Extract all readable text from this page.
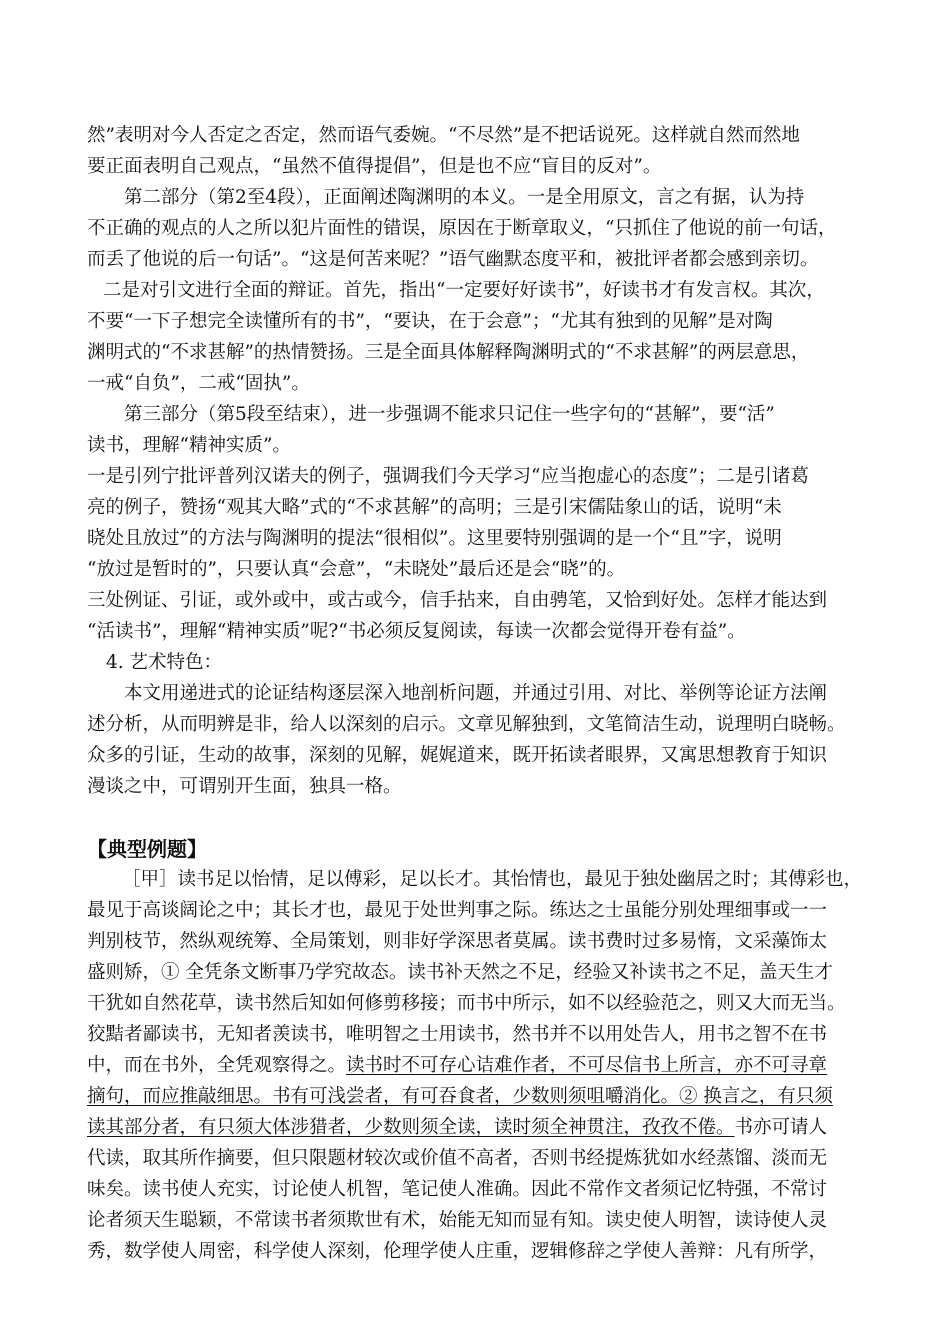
然”表明对今人否定之否定，然而语气委婉。“不尽然”是不把话说死。这样就自然而然地
要正面表明自己观点，“虽然不值得提倡”，但是也不应“盲目的反对”。
第二部分（第2至4段），正面阐述陶渊明的本义。一是全用原文，言之有据，认为持
不正确的观点的人之所以犯片面性的错误，原因在于断章取义，“只抓住了他说的前一句话，
而丢了他说的后一句话”。“这是何苦来呢？”语气幽默态度平和，被批评者都会感到亲切。
二是对引文进行全面的辩证。首先，指出“一定要好好读书”，好读书才有发言权。其次，
不要“一下子想完全读懂所有的书”，“要诀，在于会意”；“尤其有独到的见解”是对陶
渊明式的“不求甚解”的热情赞扬。三是全面具体解释陶渊明式的“不求甚解”的两层意思，
一戒“自负”，二戒“固执”。
第三部分（第5段至结束），进一步强调不能求只记住一些字句的“甚解”，要“活”
读书，理解“精神实质”。
一是引列宁批评普列汉诺夫的例子，强调我们今天学习“应当抱虚心的态度”；二是引诸葛
亮的例子，赞扬“观其大略”式的“不求甚解”的高明；三是引宋儒陆象山的话，说明“未
晓处且放过”的方法与陶渊明的提法“很相似”。这里要特别强调的是一个“且”字，说明
“放过是暂时的”，只要认真“会意”，“未晓处”最后还是会“晓”的。
三处例证、引证，或外或中，或古或今，信手拈来，自由骋笔，又恰到好处。怎样才能达到
“活读书”，理解“精神实质”呢?“书必须反复阅读，每读一次都会觉得开卷有益”。
4. 艺术特色：
本文用递进式的论证结构逐层深入地剖析问题，并通过引用、对比、举例等论证方法阐
述分析，从而明辨是非，给人以深刻的启示。文章见解独到，文笔简洁生动，说理明白晓畅。
众多的引证，生动的故事，深刻的见解，娓娓道来，既开拓读者眼界，又寓思想教育于知识
漫谈之中，可谓别开生面，独具一格。
【典型例题】
［甲］读书足以怡情，足以傅彩，足以长才。其怡情也，最见于独处幽居之时；其傅彩也，
最见于高谈阔论之中；其长才也，最见于处世判事之际。练达之士虽能分别处理细事或一一
判别枝节，然纵观统筹、全局策划，则非好学深思者莫属。读书费时过多易惰，文采藻饰太
盛则矫，① 全凭条文断事乃学究故态。读书补天然之不足，经验又补读书之不足，盖天生才
干犹如自然花草，读书然后知如何修剪移接；而书中所示，如不以经验范之，则又大而无当。
狡黠者鄙读书，无知者羡读书，唯明智之士用读书，然书并不以用处告人，用书之智不在书
中，而在书外，全凭观察得之。读书时不可存心诘难作者，不可尽信书上所言，亦不可寻章
摘句，而应推敲细思。书有可浅尝者，有可吞食者，少数则须咀嚼消化。② 换言之，有只须
读其部分者，有只须大体涉猎者，少数则须全读，读时须全神贯注，孜孜不倦。书亦可请人
代读，取其所作摘要，但只限题材较次或价值不高者，否则书经提炼犹如水经蒸馏、淡而无
味矣。读书使人充实，讨论使人机智，笔记使人准确。因此不常作文者须记忆特强，不常讨
论者须天生聪颖，不常读书者须欺世有术，始能无知而显有知。读史使人明智，读诗使人灵
秀，数学使人周密，科学使人深刻，伦理学使人庄重，逻辑修辞之学使人善辩：凡有所学，
